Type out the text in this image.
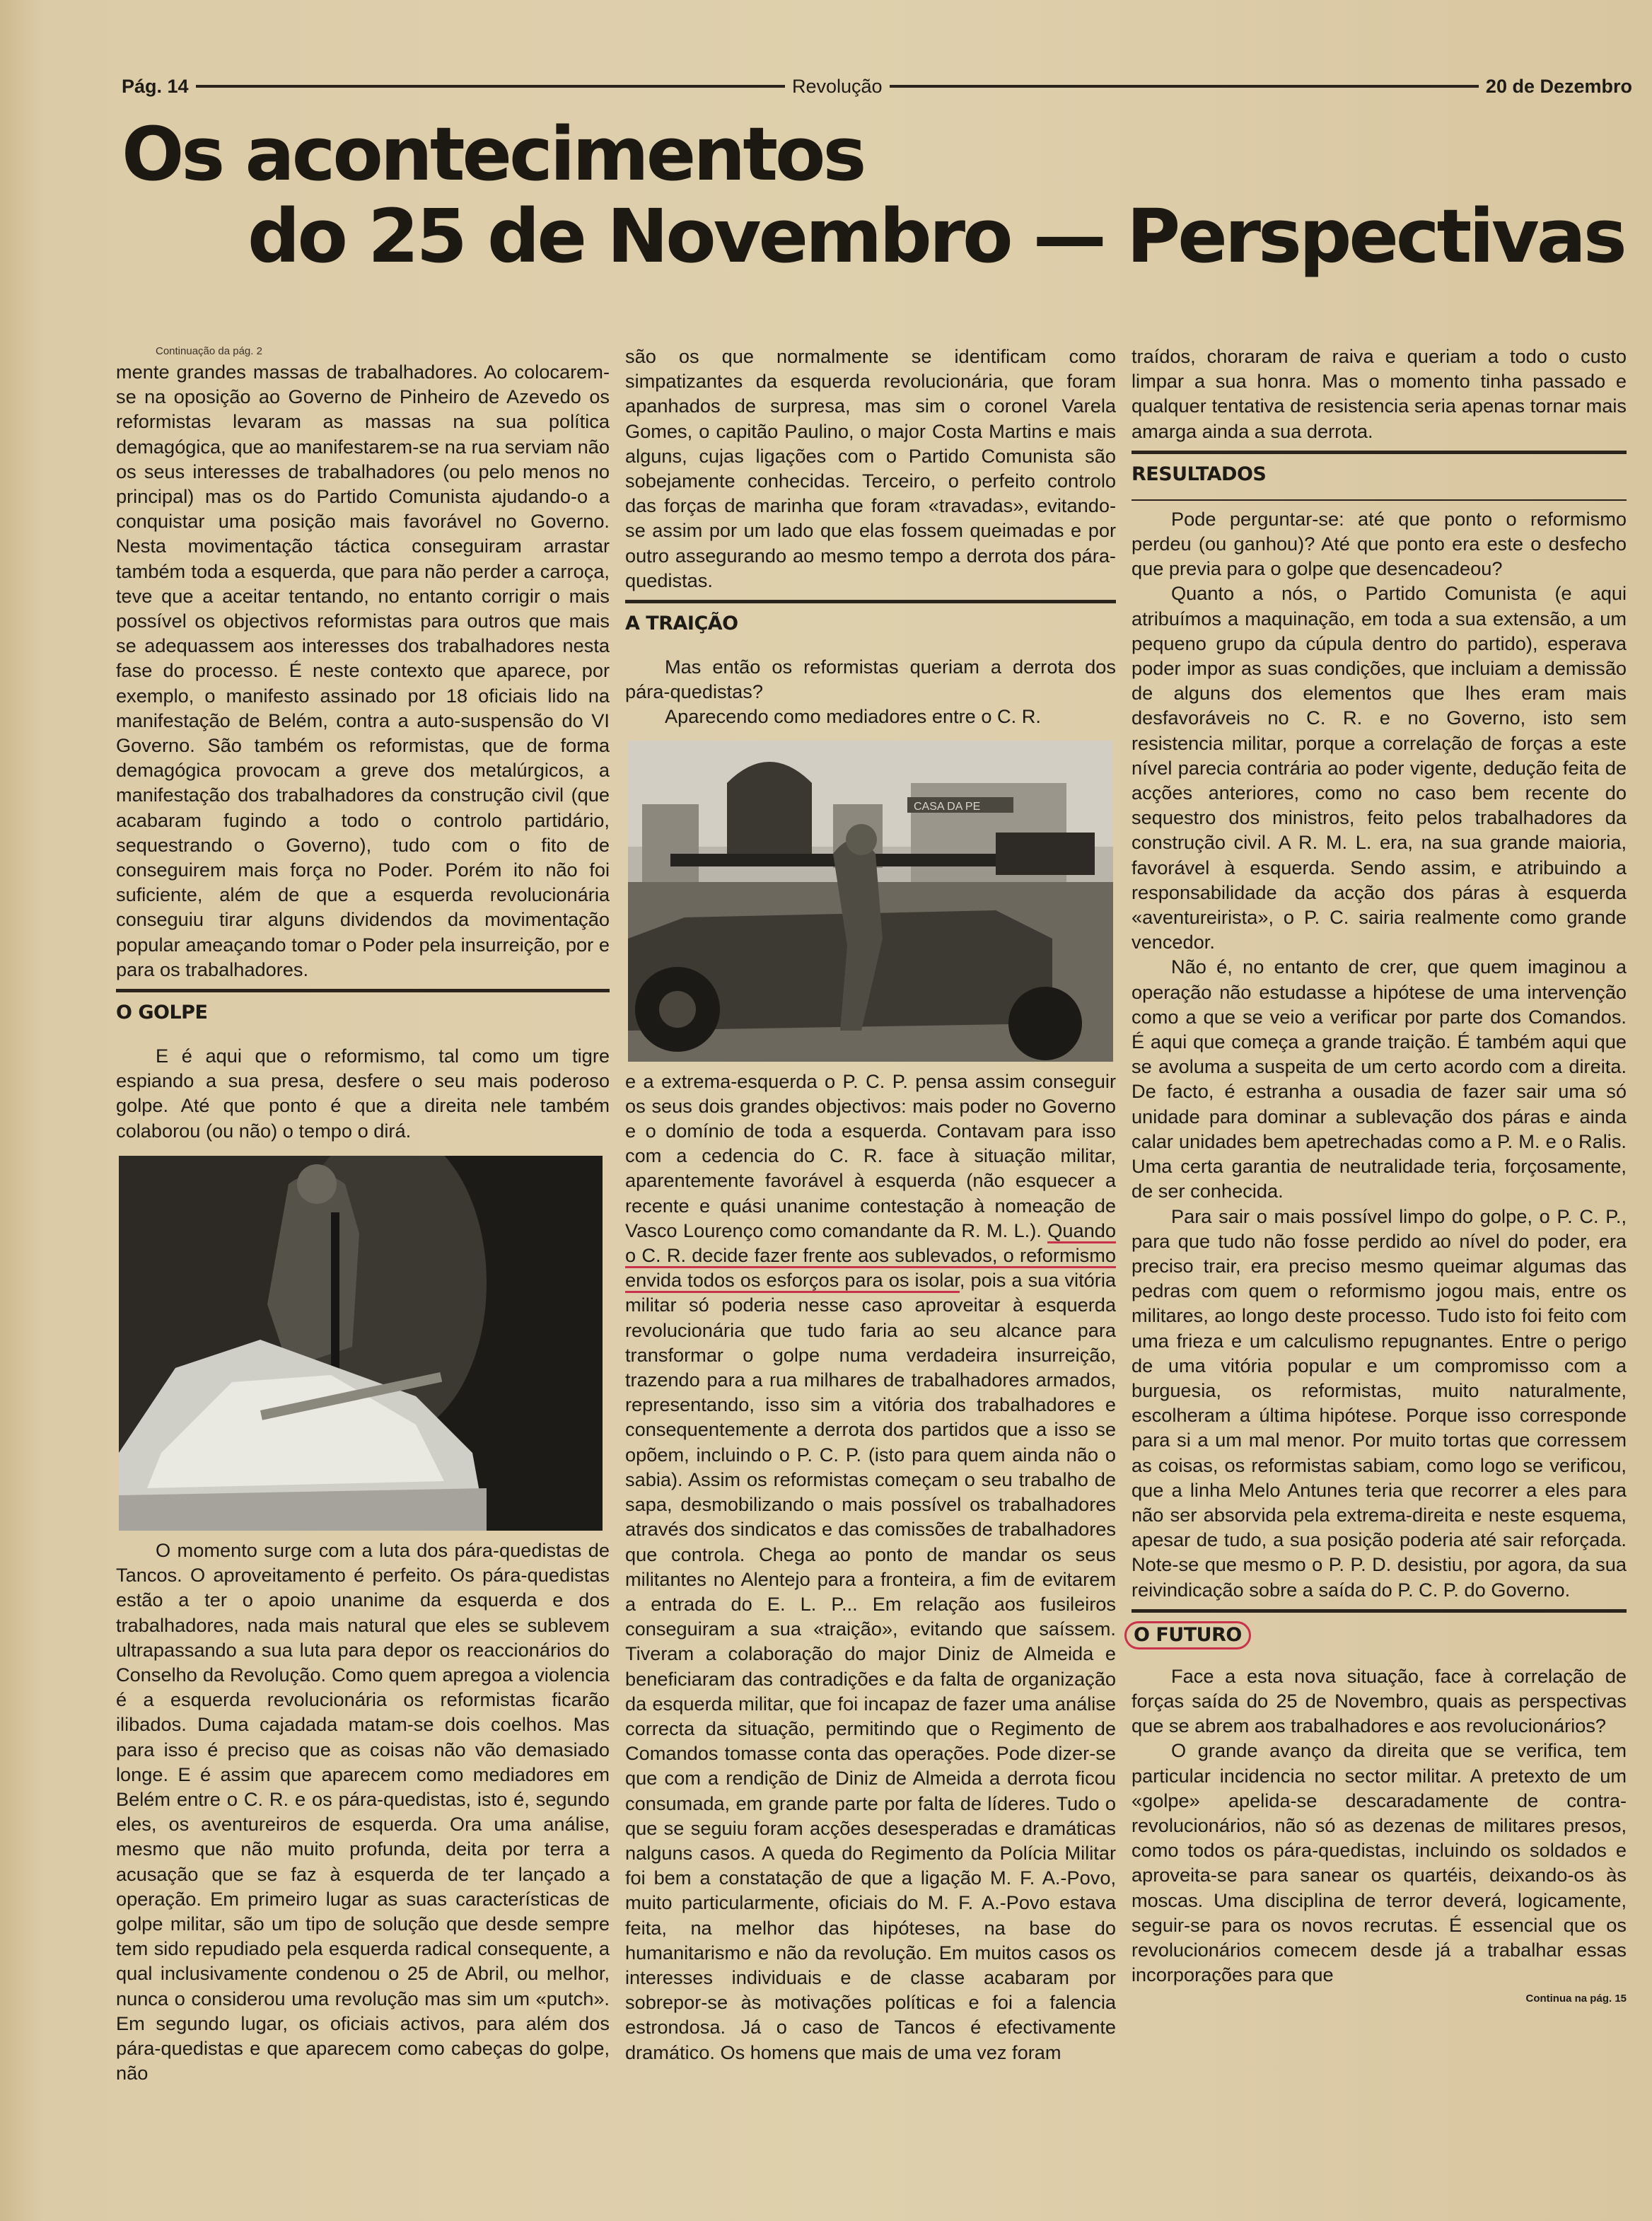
Pág. 14	Revolução	20 de Dezembro
Os acontecimentos
do 25 de Novembro — Perspectivas

Continuação da pág. 2

mente grandes massas de trabalhadores. Ao colocarem-se na oposição ao Governo de Pinheiro de Azevedo os reformistas levaram as massas na sua política demagógica, que ao manifestarem-se na rua serviam não os seus interesses de trabalhadores (ou pelo menos no principal) mas os do Partido Comunista ajudando-o a conquistar uma posição mais favorável no Governo. Nesta movimentação táctica conseguiram arrastar também toda a esquerda, que para não perder a carroça, teve que a aceitar tentando, no entanto corrigir o mais possível os objectivos reformistas para outros que mais se adequassem aos interesses dos trabalhadores nesta fase do processo. É neste contexto que aparece, por exemplo, o manifesto assinado por 18 oficiais lido na manifestação de Belém, contra a auto-suspensão do VI Governo. São também os reformistas, que de forma demagógica provocam a greve dos metalúrgicos, a manifestação dos trabalhadores da construção civil (que acabaram fugindo a todo o controlo partidário, sequestrando o Governo), tudo com o fito de conseguirem mais força no Poder. Porém ito não foi suficiente, além de que a esquerda revolucionária conseguiu tirar alguns dividendos da movimentação popular ameaçando tomar o Poder pela insurreição, por e para os trabalhadores.

O GOLPE

E é aqui que o reformismo, tal como um tigre espiando a sua presa, desfere o seu mais poderoso golpe. Até que ponto é que a direita nele também colaborou (ou não) o tempo o dirá.

O momento surge com a luta dos pára-quedistas de Tancos. O aproveitamento é perfeito. Os pára-quedistas estão a ter o apoio unanime da esquerda e dos trabalhadores, nada mais natural que eles se sublevem ultrapassando a sua luta para depor os reaccionários do Conselho da Revolução. Como quem apregoa a violencia é a esquerda revolucionária os reformistas ficarão ilibados. Duma cajadada matam-se dois coelhos. Mas para isso é preciso que as coisas não vão demasiado longe. E é assim que aparecem como mediadores em Belém entre o C. R. e os pára-quedistas, isto é, segundo eles, os aventureiros de esquerda. Ora uma análise, mesmo que não muito profunda, deita por terra a acusação que se faz à esquerda de ter lançado a operação. Em primeiro lugar as suas características de golpe militar, são um tipo de solução que desde sempre tem sido repudiado pela esquerda radical consequente, a qual inclusivamente condenou o 25 de Abril, ou melhor, nunca o considerou uma revolução mas sim um «putch». Em segundo lugar, os oficiais activos, para além dos pára-quedistas e que aparecem como cabeças do golpe, não

são os que normalmente se identificam como simpatizantes da esquerda revolucionária, que foram apanhados de surpresa, mas sim o coronel Varela Gomes, o capitão Paulino, o major Costa Martins e mais alguns, cujas ligações com o Partido Comunista são sobejamente conhecidas. Terceiro, o perfeito controlo das forças de marinha que foram «travadas», evitando-se assim por um lado que elas fossem queimadas e por outro assegurando ao mesmo tempo a derrota dos pára-quedistas.

A TRAIÇÃO

Mas então os reformistas queriam a derrota dos pára-quedistas?

Aparecendo como mediadores entre o C. R.

CASA DA PE

e a extrema-esquerda o P. C. P. pensa assim conseguir os seus dois grandes objectivos: mais poder no Governo e o domínio de toda a esquerda. Contavam para isso com a cedencia do C. R. face à situação militar, aparentemente favorável à esquerda (não esquecer a recente e quási unanime contestação à nomeação de Vasco Lourenço como comandante da R. M. L.). Quando o C. R. decide fazer frente aos sublevados, o reformismo envida todos os esforços para os isolar, pois a sua vitória militar só poderia nesse caso aproveitar à esquerda revolucionária que tudo faria ao seu alcance para transformar o golpe numa verdadeira insurreição, trazendo para a rua milhares de trabalhadores armados, representando, isso sim a vitória dos trabalhadores e consequentemente a derrota dos partidos que a isso se opõem, incluindo o P. C. P. (isto para quem ainda não o sabia). Assim os reformistas começam o seu trabalho de sapa, desmobilizando o mais possível os trabalhadores através dos sindicatos e das comissões de trabalhadores que controla. Chega ao ponto de mandar os seus militantes no Alentejo para a fronteira, a fim de evitarem a entrada do E. L. P... Em relação aos fusileiros conseguiram a sua «traição», evitando que saíssem. Tiveram a colaboração do major Diniz de Almeida e beneficiaram das contradições e da falta de organização da esquerda militar, que foi incapaz de fazer uma análise correcta da situação, permitindo que o Regimento de Comandos tomasse conta das operações. Pode dizer-se que com a rendição de Diniz de Almeida a derrota ficou consumada, em grande parte por falta de líderes. Tudo o que se seguiu foram acções desesperadas e dramáticas nalguns casos. A queda do Regimento da Polícia Militar foi bem a constatação de que a ligação M. F. A.-Povo, muito particularmente, oficiais do M. F. A.-Povo estava feita, na melhor das hipóteses, na base do humanitarismo e não da revolução. Em muitos casos os interesses individuais e de classe acabaram por sobrepor-se às motivações políticas e foi a falencia estrondosa. Já o caso de Tancos é efectivamente dramático. Os homens que mais de uma vez foram

traídos, choraram de raiva e queriam a todo o custo limpar a sua honra. Mas o momento tinha passado e qualquer tentativa de resistencia seria apenas tornar mais amarga ainda a sua derrota.

RESULTADOS

Pode perguntar-se: até que ponto o reformismo perdeu (ou ganhou)? Até que ponto era este o desfecho que previa para o golpe que desencadeou?

Quanto a nós, o Partido Comunista (e aqui atribuímos a maquinação, em toda a sua extensão, a um pequeno grupo da cúpula dentro do partido), esperava poder impor as suas condições, que incluiam a demissão de alguns dos elementos que lhes eram mais desfavoráveis no C. R. e no Governo, isto sem resistencia militar, porque a correlação de forças a este nível parecia contrária ao poder vigente, dedução feita de acções anteriores, como no caso bem recente do sequestro dos ministros, feito pelos trabalhadores da construção civil. A R. M. L. era, na sua grande maioria, favorável à esquerda. Sendo assim, e atribuindo a responsabilidade da acção dos páras à esquerda «aventureirista», o P. C. sairia realmente como grande vencedor.

Não é, no entanto de crer, que quem imaginou a operação não estudasse a hipótese de uma intervenção como a que se veio a verificar por parte dos Comandos. É aqui que começa a grande traição. É também aqui que se avoluma a suspeita de um certo acordo com a direita. De facto, é estranha a ousadia de fazer sair uma só unidade para dominar a sublevação dos páras e ainda calar unidades bem apetrechadas como a P. M. e o Ralis. Uma certa garantia de neutralidade teria, forçosamente, de ser conhecida.

Para sair o mais possível limpo do golpe, o P. C. P., para que tudo não fosse perdido ao nível do poder, era preciso trair, era preciso mesmo queimar algumas das pedras com quem o reformismo jogou mais, entre os militares, ao longo deste processo. Tudo isto foi feito com uma frieza e um calculismo repugnantes. Entre o perigo de uma vitória popular e um compromisso com a burguesia, os reformistas, muito naturalmente, escolheram a última hipótese. Porque isso corresponde para si a um mal menor. Por muito tortas que corressem as coisas, os reformistas sabiam, como logo se verificou, que a linha Melo Antunes teria que recorrer a eles para não ser absorvida pela extrema-direita e neste esquema, apesar de tudo, a sua posição poderia até sair reforçada. Note-se que mesmo o P. P. D. desistiu, por agora, da sua reivindicação sobre a saída do P. C. P. do Governo.

O FUTURO

Face a esta nova situação, face à correlação de forças saída do 25 de Novembro, quais as perspectivas que se abrem aos trabalhadores e aos revolucionários?

O grande avanço da direita que se verifica, tem particular incidencia no sector militar. A pretexto de um «golpe» apelida-se descaradamente de contra-revolucionários, não só as dezenas de militares presos, como todos os pára-quedistas, incluindo os soldados e aproveita-se para sanear os quartéis, deixando-os às moscas. Uma disciplina de terror deverá, logicamente, seguir-se para os novos recrutas. É essencial que os revolucionários comecem desde já a trabalhar essas incorporações para que

Continua na pág. 15
